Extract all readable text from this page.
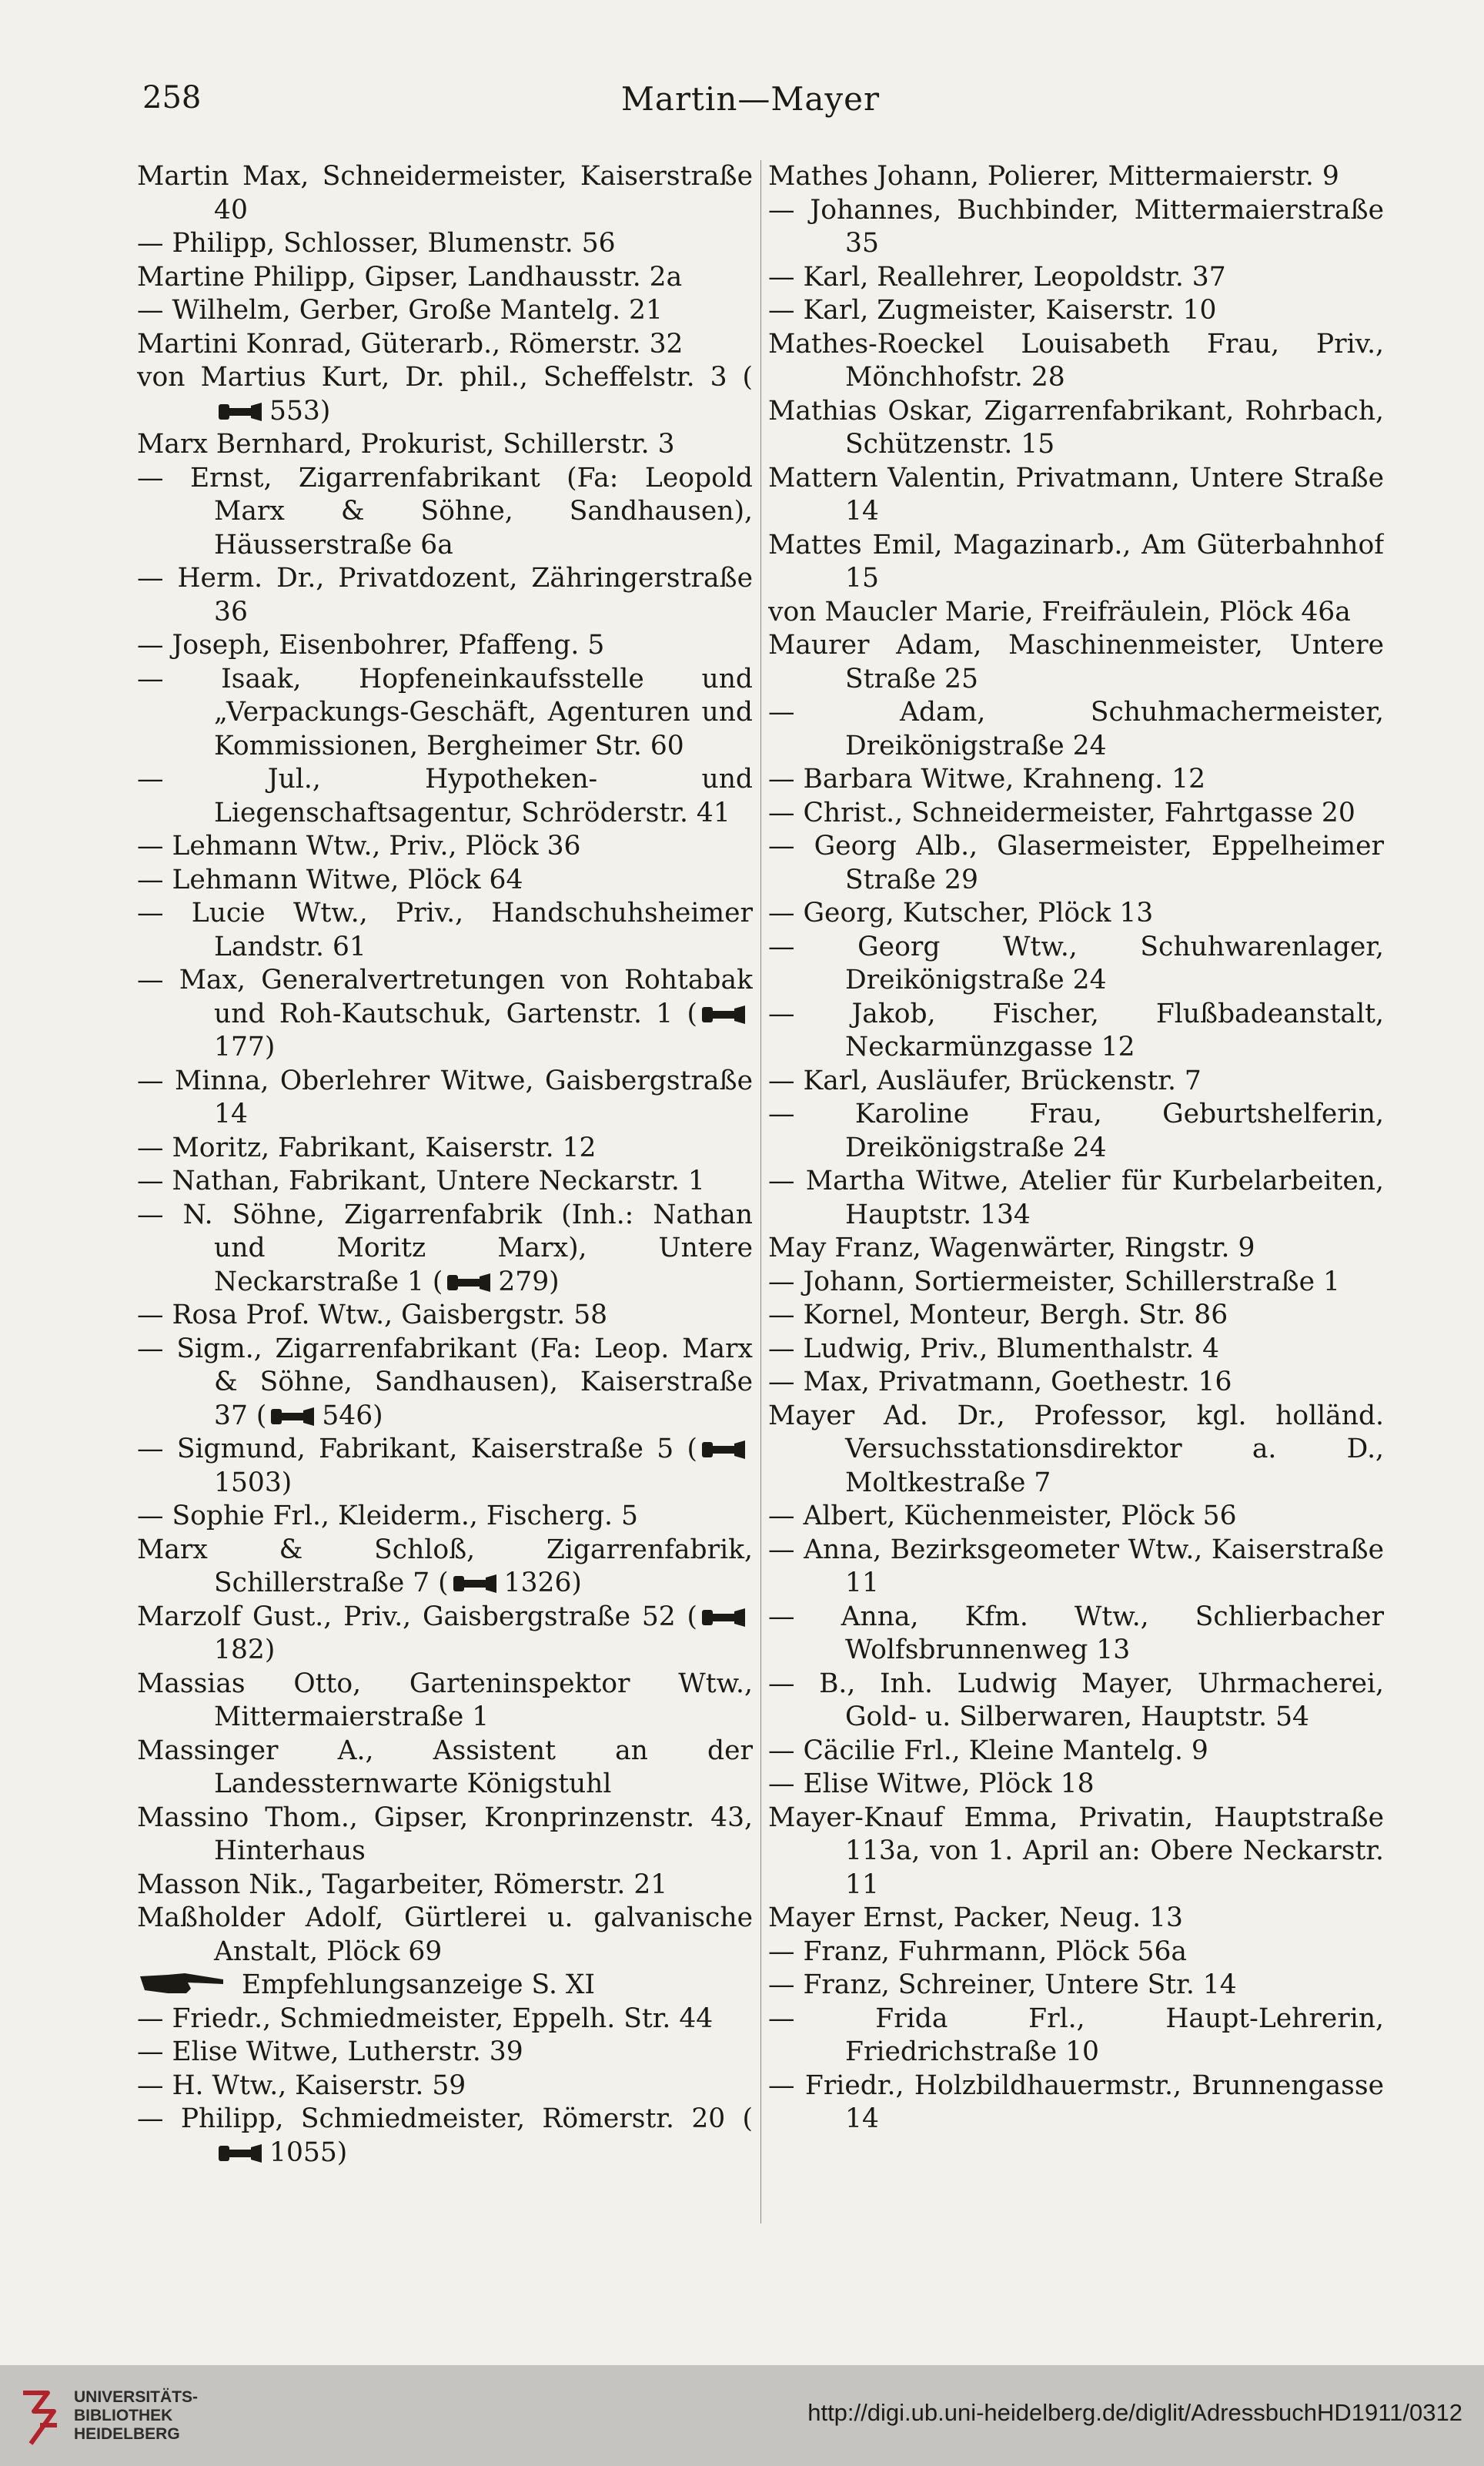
258	Martin—Mayer

Martin Max, Schneidermeister, Kaiserstraße 40

— Philipp, Schlosser, Blumenstr. 56

Martine Philipp, Gipser, Landhausstr. 2a

— Wilhelm, Gerber, Große Mantelg. 21

Martini Konrad, Güterarb., Römerstr. 32

von Martius Kurt, Dr. phil., Scheffelstr. 3 (553)

Marx Bernhard, Prokurist, Schillerstr. 3

— Ernst, Zigarrenfabrikant (Fa: Leopold Marx & Söhne, Sandhausen), Häusserstraße 6a

— Herm. Dr., Privatdozent, Zähringerstraße 36

— Joseph, Eisenbohrer, Pfaffeng. 5

— Isaak, Hopfeneinkaufsstelle und „Verpackungs-Geschäft, Agenturen und Kommissionen, Bergheimer Str. 60

— Jul., Hypotheken- und Liegenschaftsagentur, Schröderstr. 41

— Lehmann Wtw., Priv., Plöck 36

— Lehmann Witwe, Plöck 64

— Lucie Wtw., Priv., Handschuhsheimer Landstr. 61

— Max, Generalvertretungen von Rohtabak und Roh-Kautschuk, Gartenstr. 1 (177)

— Minna, Oberlehrer Witwe, Gaisbergstraße 14

— Moritz, Fabrikant, Kaiserstr. 12

— Nathan, Fabrikant, Untere Neckarstr. 1

— N. Söhne, Zigarrenfabrik (Inh.: Nathan und Moritz Marx), Untere Neckarstraße 1 ( 279)

— Rosa Prof. Wtw., Gaisbergstr. 58

— Sigm., Zigarrenfabrikant (Fa: Leop. Marx & Söhne, Sandhausen), Kaiserstraße 37 ( 546)

— Sigmund, Fabrikant, Kaiserstraße 5 (1503)

— Sophie Frl., Kleiderm., Fischerg. 5

Marx & Schloß, Zigarrenfabrik, Schillerstraße 7 ( 1326)

Marzolf Gust., Priv., Gaisbergstraße 52 (182)

Massias Otto, Garteninspektor Wtw., Mittermaierstraße 1

Massinger A., Assistent an der Landessternwarte Königstuhl

Massino Thom., Gipser, Kronprinzenstr. 43, Hinterhaus

Masson Nik., Tagarbeiter, Römerstr. 21

Maßholder Adolf, Gürtlerei u. galvanische Anstalt, Plöck 69

Empfehlungsanzeige S. XI

— Friedr., Schmiedmeister, Eppelh. Str. 44

— Elise Witwe, Lutherstr. 39

— H. Wtw., Kaiserstr. 59

— Philipp, Schmiedmeister, Römerstr. 20 (1055)

Mathes Johann, Polierer, Mittermaierstr. 9

— Johannes, Buchbinder, Mittermaierstraße 35

— Karl, Reallehrer, Leopoldstr. 37

— Karl, Zugmeister, Kaiserstr. 10

Mathes-Roeckel Louisabeth Frau, Priv., Mönchhofstr. 28

Mathias Oskar, Zigarrenfabrikant, Rohrbach, Schützenstr. 15

Mattern Valentin, Privatmann, Untere Straße 14

Mattes Emil, Magazinarb., Am Güterbahnhof 15

von Maucler Marie, Freifräulein, Plöck 46a

Maurer Adam, Maschinenmeister, Untere Straße 25

— Adam, Schuhmachermeister, Dreikönigstraße 24

— Barbara Witwe, Krahneng. 12

— Christ., Schneidermeister, Fahrtgasse 20

— Georg Alb., Glasermeister, Eppelheimer Straße 29

— Georg, Kutscher, Plöck 13

— Georg Wtw., Schuhwarenlager, Dreikönigstraße 24

— Jakob, Fischer, Flußbadeanstalt, Neckarmünzgasse 12

— Karl, Ausläufer, Brückenstr. 7

— Karoline Frau, Geburtshelferin, Dreikönigstraße 24

— Martha Witwe, Atelier für Kurbelarbeiten, Hauptstr. 134

May Franz, Wagenwärter, Ringstr. 9

— Johann, Sortiermeister, Schillerstraße 1

— Kornel, Monteur, Bergh. Str. 86

— Ludwig, Priv., Blumenthalstr. 4

— Max, Privatmann, Goethestr. 16

Mayer Ad. Dr., Professor, kgl. holländ. Versuchsstationsdirektor a. D., Moltkestraße 7

— Albert, Küchenmeister, Plöck 56

— Anna, Bezirksgeometer Wtw., Kaiserstraße 11

— Anna, Kfm. Wtw., Schlierbacher Wolfsbrunnenweg 13

— B., Inh. Ludwig Mayer, Uhrmacherei, Gold- u. Silberwaren, Hauptstr. 54

— Cäcilie Frl., Kleine Mantelg. 9

— Elise Witwe, Plöck 18

Mayer-Knauf Emma, Privatin, Hauptstraße 113a, von 1. April an: Obere Neckarstr. 11

Mayer Ernst, Packer, Neug. 13

— Franz, Fuhrmann, Plöck 56a

— Franz, Schreiner, Untere Str. 14

— Frida Frl., Haupt-Lehrerin, Friedrichstraße 10

— Friedr., Holzbildhauermstr., Brunnengasse 14

UNIVERSITÄTS-
BIBLIOTHEK
HEIDELBERG
http://digi.ub.uni-heidelberg.de/diglit/AdressbuchHD1911/0312
